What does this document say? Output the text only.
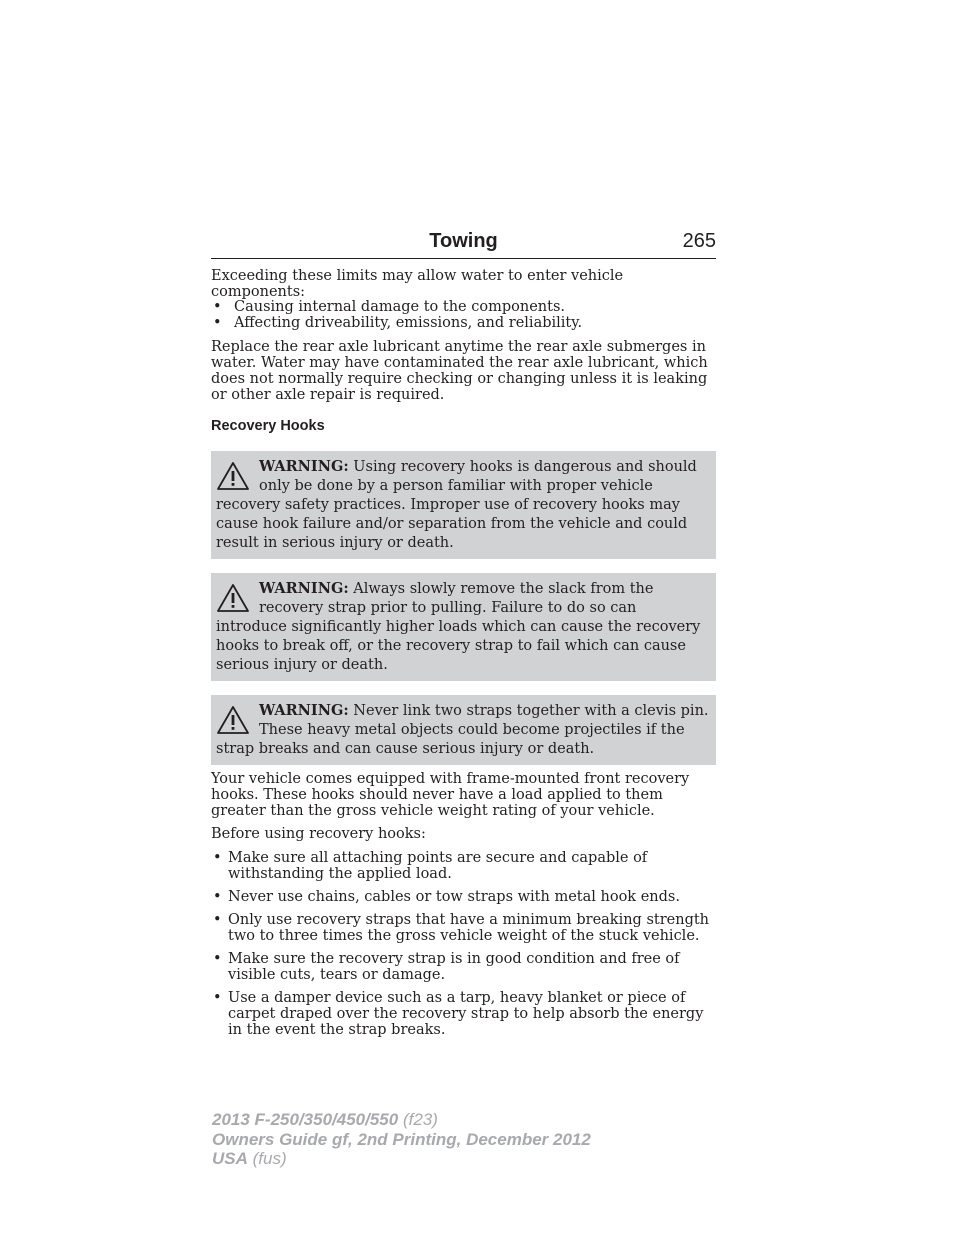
Towing	265

Exceeding these limits may allow water to enter vehicle components:

• Causing internal damage to the components.
• Affecting driveability, emissions, and reliability.

Replace the rear axle lubricant anytime the rear axle submerges in water. Water may have contaminated the rear axle lubricant, which does not normally require checking or changing unless it is leaking or other axle repair is required.

Recovery Hooks
WARNING: Using recovery hooks is dangerous and should only be done by a person familiar with proper vehicle recovery safety practices. Improper use of recovery hooks may cause hook failure and/or separation from the vehicle and could result in serious injury or death.
WARNING: Always slowly remove the slack from the recovery strap prior to pulling. Failure to do so can introduce significantly higher loads which can cause the recovery hooks to break off, or the recovery strap to fail which can cause serious injury or death.
WARNING: Never link two straps together with a clevis pin. These heavy metal objects could become projectiles if the strap breaks and can cause serious injury or death.

Your vehicle comes equipped with frame-mounted front recovery hooks. These hooks should never have a load applied to them greater than the gross vehicle weight rating of your vehicle.

Before using recovery hooks:

• Make sure all attaching points are secure and capable of withstanding the applied load.
• Never use chains, cables or tow straps with metal hook ends.
• Only use recovery straps that have a minimum breaking strength two to three times the gross vehicle weight of the stuck vehicle.
• Make sure the recovery strap is in good condition and free of visible cuts, tears or damage.
• Use a damper device such as a tarp, heavy blanket or piece of carpet draped over the recovery strap to help absorb the energy in the event the strap breaks.
2013 F-250/350/450/550 (f23)
Owners Guide gf, 2nd Printing, December 2012
USA (fus)
